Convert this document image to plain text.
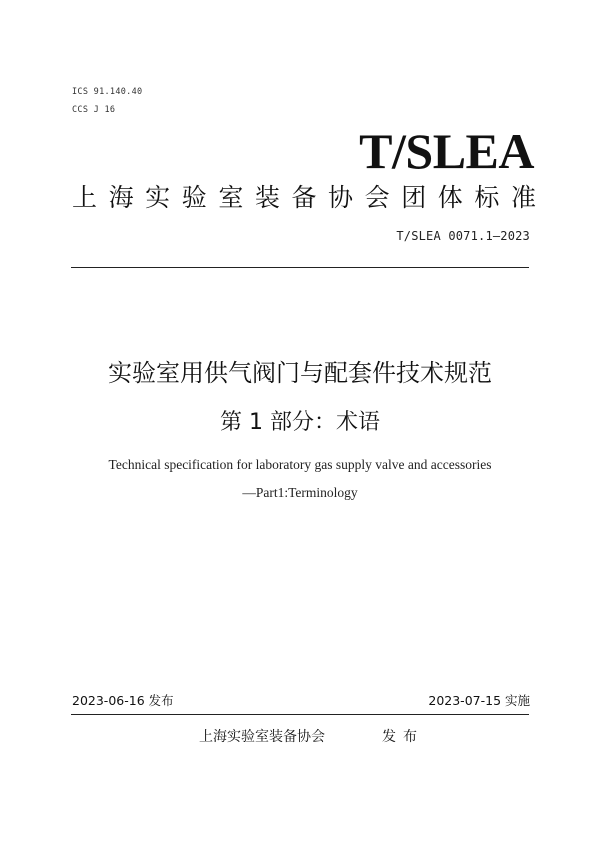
ICS 91.140.40
CCS J 16
T/SLEA
上 海 实 验 室 装 备 协 会 团 体 标 准
T/SLEA 0071.1—2023
实验室用供气阀门与配套件技术规范
第 1 部分：术语
Technical specification for laboratory gas supply valve and accessories
—Part1:Terminology
2023-06-16 发布	2023-07-15 实施
上海实验室装备协会	发布
